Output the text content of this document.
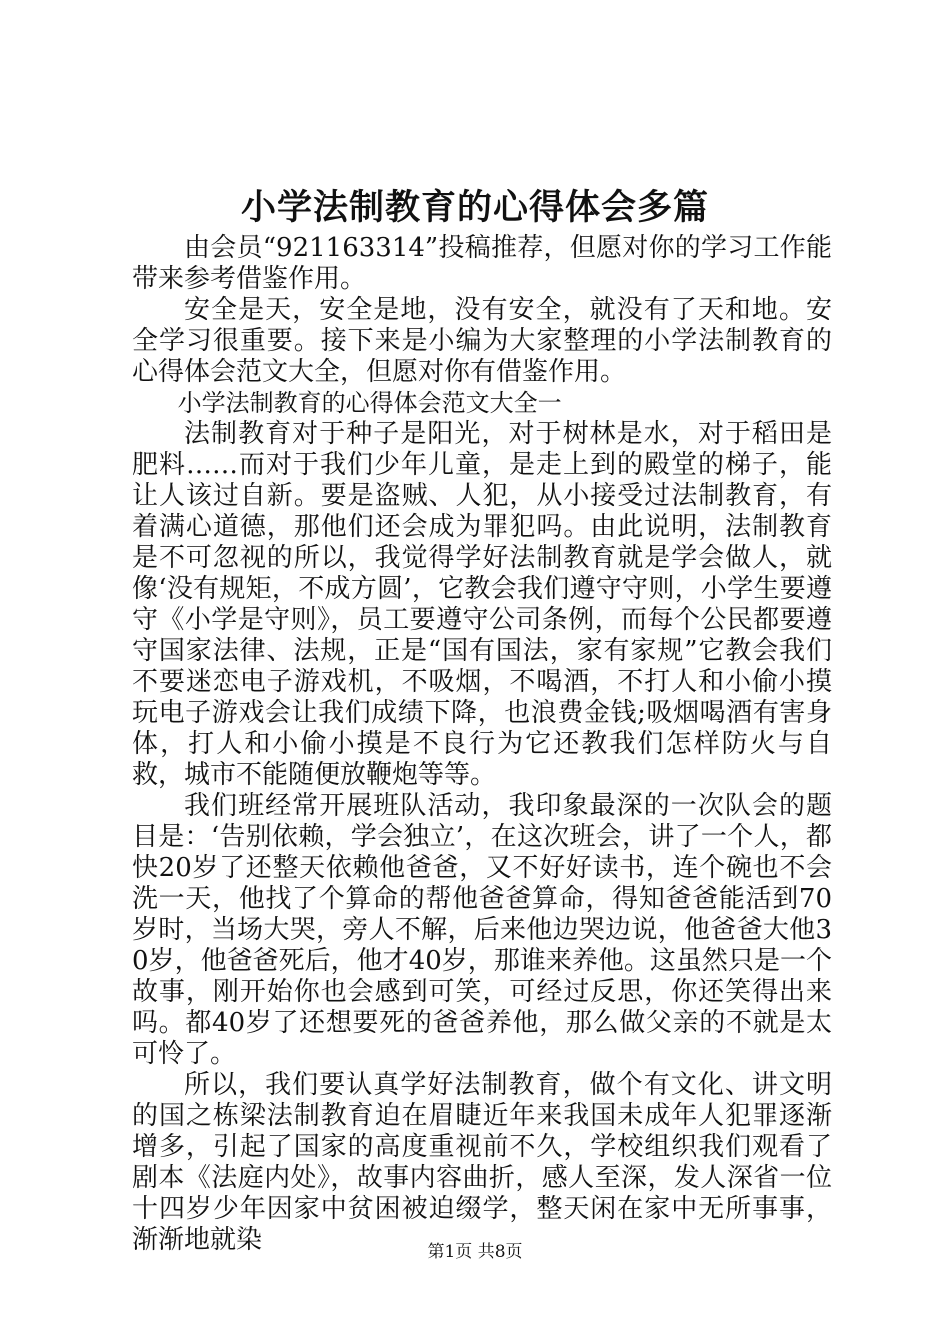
小学法制教育的心得体会多篇

由会员“921163314”投稿推荐，但愿对你的学习工作能带来参考借鉴作用。

安全是天，安全是地，没有安全，就没有了天和地。安全学习很重要。接下来是小编为大家整理的小学法制教育的心得体会范文大全，但愿对你有借鉴作用。

小学法制教育的心得体会范文大全一

法制教育对于种子是阳光，对于树林是水，对于稻田是肥料……而对于我们少年儿童，是走上到的殿堂的梯子，能让人该过自新。要是盗贼、人犯，从小接受过法制教育，有着满心道德，那他们还会成为罪犯吗。由此说明，法制教育是不可忽视的所以，我觉得学好法制教育就是学会做人，就像‘没有规矩，不成方圆’，它教会我们遵守守则，小学生要遵守《小学是守则》，员工要遵守公司条例，而每个公民都要遵守国家法律、法规，正是“国有国法，家有家规”它教会我们不要迷恋电子游戏机，不吸烟，不喝酒，不打人和小偷小摸玩电子游戏会让我们成绩下降，也浪费金钱;吸烟喝酒有害身体，打人和小偷小摸是不良行为它还教我们怎样防火与自救，城市不能随便放鞭炮等等。

我们班经常开展班队活动，我印象最深的一次队会的题目是：‘告别依赖，学会独立’，在这次班会，讲了一个人，都快20岁了还整天依赖他爸爸，又不好好读书，连个碗也不会洗一天，他找了个算命的帮他爸爸算命，得知爸爸能活到70岁时，当场大哭，旁人不解，后来他边哭边说，他爸爸大他30岁，他爸爸死后，他才40岁，那谁来养他。这虽然只是一个故事，刚开始你也会感到可笑，可经过反思，你还笑得出来吗。都40岁了还想要死的爸爸养他，那么做父亲的不就是太可怜了。

所以，我们要认真学好法制教育，做个有文化、讲文明的国之栋梁法制教育迫在眉睫近年来我国未成年人犯罪逐渐增多，引起了国家的高度重视前不久，学校组织我们观看了剧本《法庭内处》，故事内容曲折，感人至深，发人深省一位十四岁少年因家中贫困被迫缀学，整天闲在家中无所事事，渐渐地就染	第1页 共8页
